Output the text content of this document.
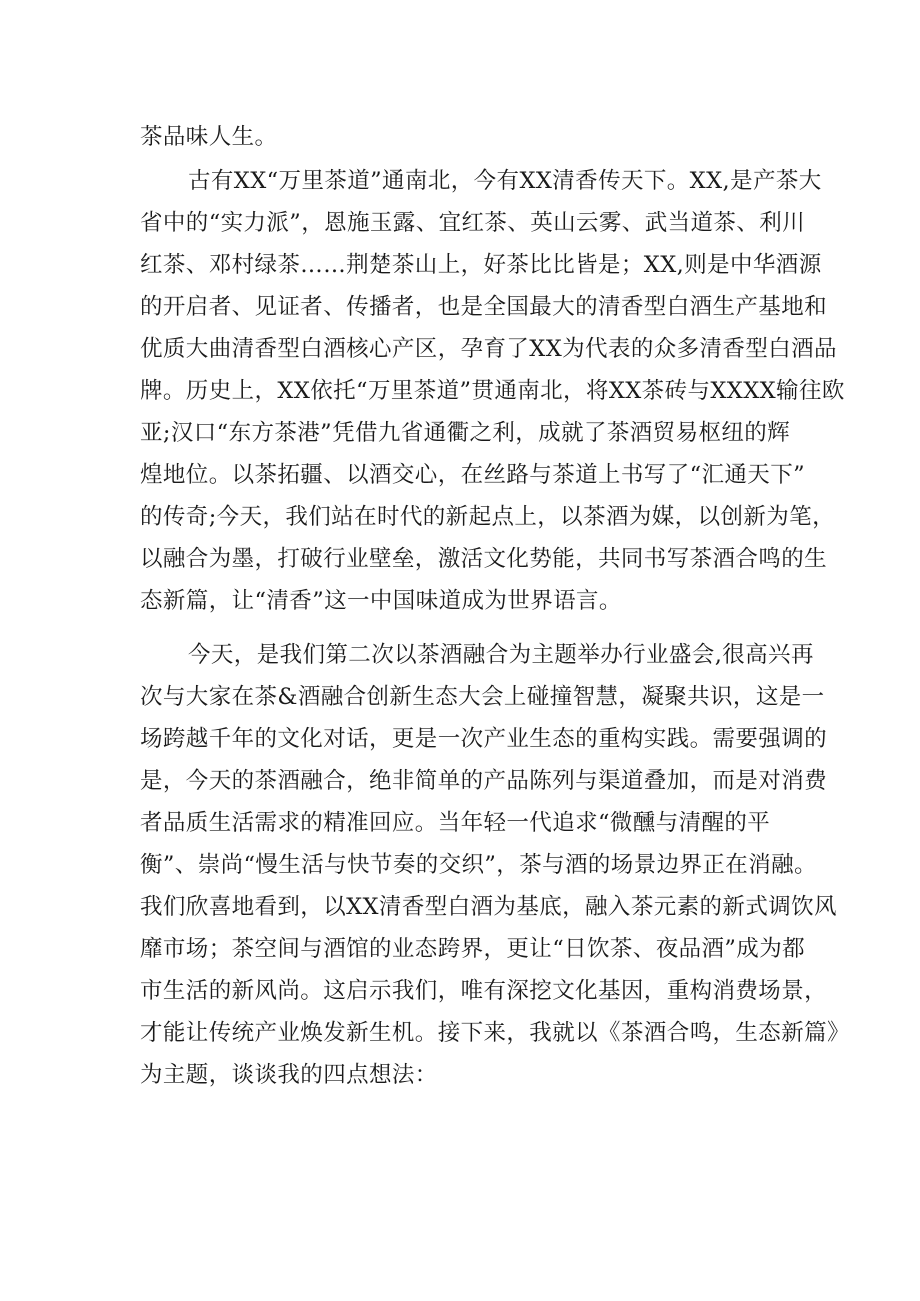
茶品味人生。
古有XX“万里茶道”通南北，今有XX清香传天下。XX,是产茶大
省中的“实力派”，恩施玉露、宜红茶、英山云雾、武当道茶、利川
红茶、邓村绿茶……荆楚茶山上，好茶比比皆是；XX,则是中华酒源
的开启者、见证者、传播者，也是全国最大的清香型白酒生产基地和
优质大曲清香型白酒核心产区，孕育了XX为代表的众多清香型白酒品
牌。历史上，XX依托“万里茶道”贯通南北，将XX茶砖与XXXX输往欧
亚;汉口“东方茶港”凭借九省通衢之利，成就了茶酒贸易枢纽的辉
煌地位。以茶拓疆、以酒交心，在丝路与茶道上书写了“汇通天下”
的传奇;今天，我们站在时代的新起点上，以茶酒为媒，以创新为笔，
以融合为墨，打破行业壁垒，激活文化势能，共同书写茶酒合鸣的生
态新篇，让“清香”这一中国味道成为世界语言。
今天，是我们第二次以茶酒融合为主题举办行业盛会,很高兴再
次与大家在茶&酒融合创新生态大会上碰撞智慧，凝聚共识，这是一
场跨越千年的文化对话，更是一次产业生态的重构实践。需要强调的
是，今天的茶酒融合，绝非简单的产品陈列与渠道叠加，而是对消费
者品质生活需求的精准回应。当年轻一代追求“微醺与清醒的平
衡”、崇尚“慢生活与快节奏的交织”，茶与酒的场景边界正在消融。
我们欣喜地看到，以XX清香型白酒为基底，融入茶元素的新式调饮风
靡市场；茶空间与酒馆的业态跨界，更让“日饮茶、夜品酒”成为都
市生活的新风尚。这启示我们，唯有深挖文化基因，重构消费场景，
才能让传统产业焕发新生机。接下来，我就以《茶酒合鸣，生态新篇》
为主题，谈谈我的四点想法：
